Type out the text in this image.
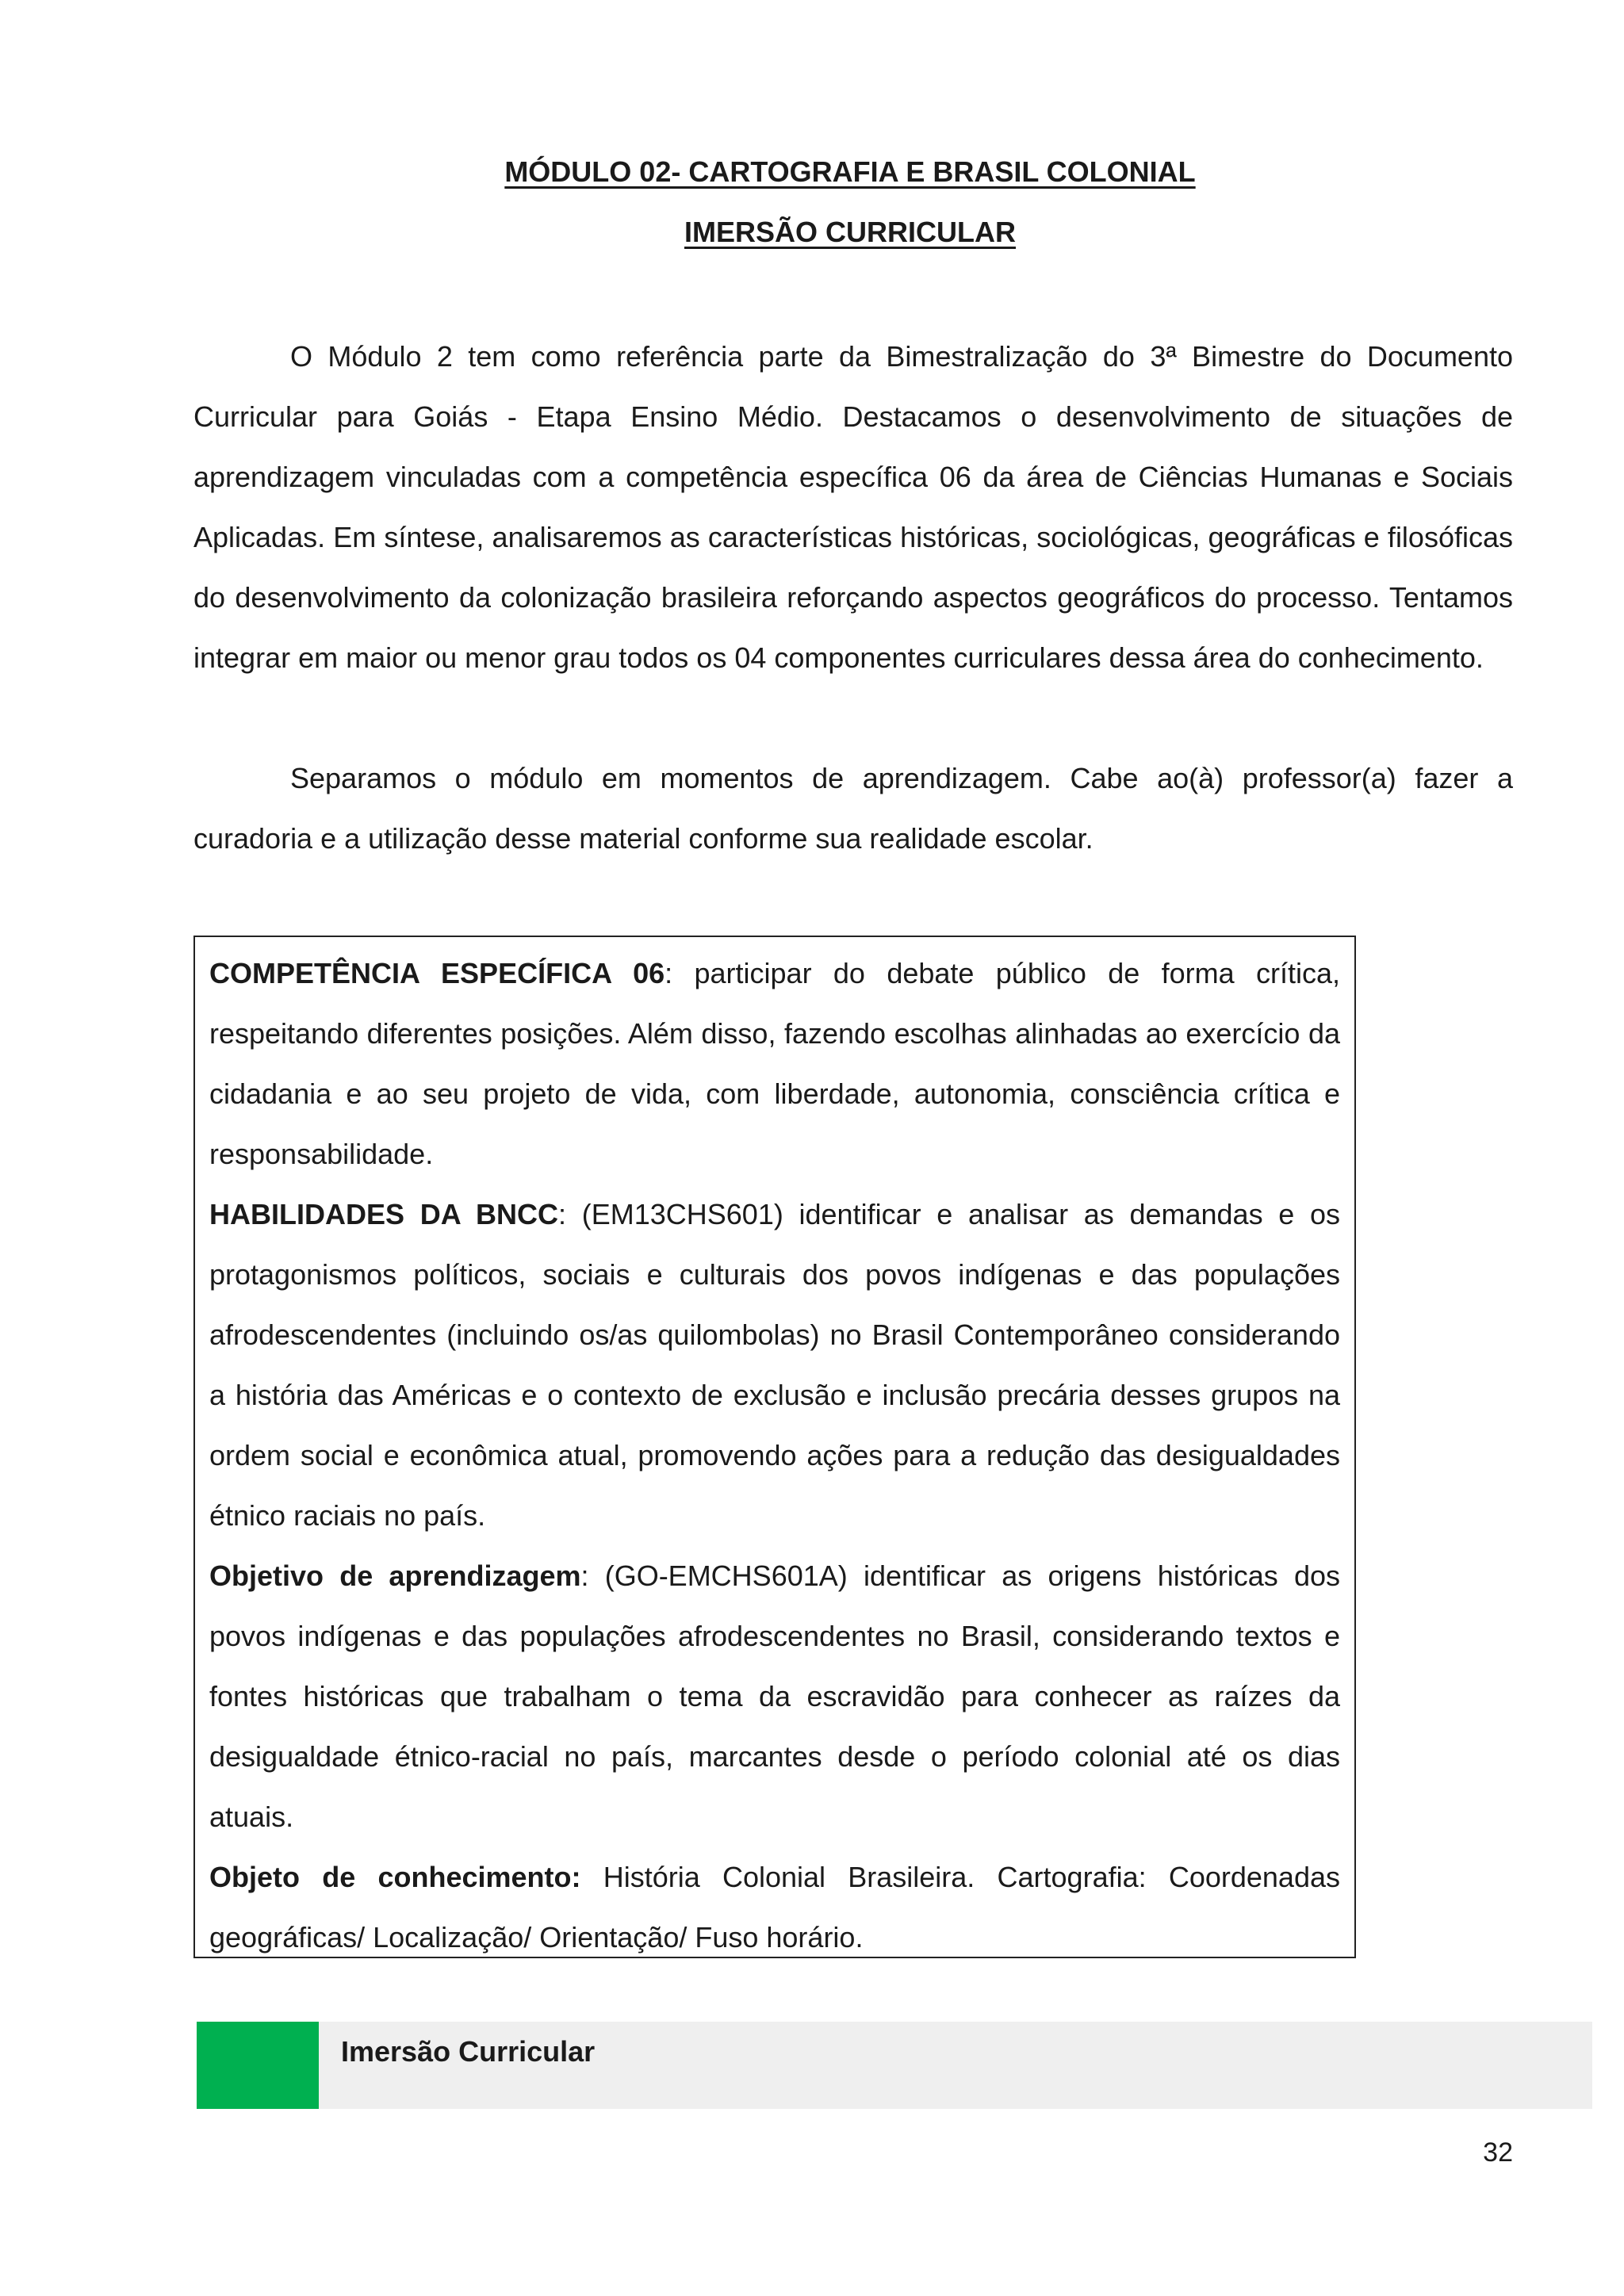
MÓDULO 02- CARTOGRAFIA E BRASIL COLONIAL
IMERSÃO CURRICULAR

O Módulo 2 tem como referência parte da Bimestralização do 3ª Bimestre do Documento Curricular para Goiás - Etapa Ensino Médio. Destacamos o desenvolvimento de situações de aprendizagem vinculadas com a competência específica 06 da área de Ciências Humanas e Sociais Aplicadas. Em síntese, analisaremos as características históricas, sociológicas, geográficas e filosóficas do desenvolvimento da colonização brasileira reforçando aspectos geográficos do processo. Tentamos integrar em maior ou menor grau todos os 04 componentes curriculares dessa área do conhecimento.

Separamos o módulo em momentos de aprendizagem. Cabe ao(à) professor(a) fazer a curadoria e a utilização desse material conforme sua realidade escolar.

COMPETÊNCIA ESPECÍFICA 06: participar do debate público de forma crítica, respeitando diferentes posições. Além disso, fazendo escolhas alinhadas ao exercício da cidadania e ao seu projeto de vida, com liberdade, autonomia, consciência crítica e responsabilidade.

HABILIDADES DA BNCC: (EM13CHS601) identificar e analisar as demandas e os protagonismos políticos, sociais e culturais dos povos indígenas e das populações afrodescendentes (incluindo os/as quilombolas) no Brasil Contemporâneo considerando a história das Américas e o contexto de exclusão e inclusão precária desses grupos na ordem social e econômica atual, promovendo ações para a redução das desigualdades étnico raciais no país.

Objetivo de aprendizagem: (GO-EMCHS601A) identificar as origens históricas dos povos indígenas e das populações afrodescendentes no Brasil, considerando textos e fontes históricas que trabalham o tema da escravidão para conhecer as raízes da desigualdade étnico-racial no país, marcantes desde o período colonial até os dias atuais.

Objeto de conhecimento: História Colonial Brasileira. Cartografia: Coordenadas geográficas/ Localização/ Orientação/ Fuso horário.

Imersão Curricular
32
